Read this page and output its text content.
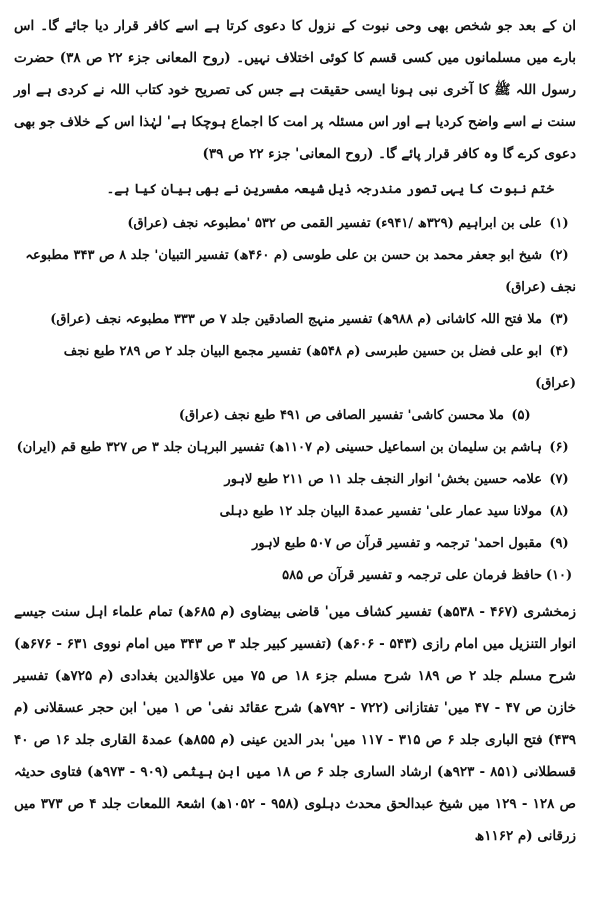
ان کے بعد جو شخص بھی وحی نبوت کے نزول کا دعوی کرتا ہے اسے کافر قرار دیا جائے گا۔ اس بارے میں مسلمانوں میں کسی قسم کا کوئی اختلاف نہیں۔ (روح المعانی جزء ۲۲ ص ۳۸) حضرت رسول اللہ ﷺ کا آخری نبی ہونا ایسی حقیقت ہے جس کی تصریح خود کتاب اللہ نے کردی ہے اور سنت نے اسے واضح کردیا ہے اور اس مسئلہ پر امت کا اجماع ہوچکا ہے' لہٰذا اس کے خلاف جو بھی دعوی کرے گا وہ کافر قرار پائے گا۔ (روح المعانی' جزء ۲۲ ص ۳۹)

ختم نبوت کا یہی تصور مندرجہ ذیل شیعہ مفسرین نے بھی بیان کیا ہے۔

(۱)
علی بن ابراہیم (۳۲۹ھ /۹۴۱ء) تفسیر القمی ص ۵۳۲ 'مطبوعہ نجف (عراق)
(۲)
شیخ ابو جعفر محمد بن حسن بن علی طوسی (م ۴۶۰ھ) تفسیر التبیان' جلد ۸ ص ۳۴۳ مطبوعہ
نجف (عراق)
(۳)
ملا فتح اللہ کاشانی (م ۹۸۸ھ) تفسیر منہج الصادقین جلد ۷ ص ۳۳۳ مطبوعہ نجف (عراق)
(۴)
ابو علی فضل بن حسین طبرسی (م ۵۴۸ھ) تفسیر مجمع البیان جلد ۲ ص ۲۸۹ طبع نجف
(عراق)
(۵)
ملا محسن کاشی' تفسیر الصافی ص ۴۹۱ طبع نجف (عراق)
(۶)
ہاشم بن سلیمان بن اسماعیل حسینی (م ۱۱۰۷ھ) تفسیر البرہان جلد ۳ ص ۳۲۷ طبع قم (ایران)
(۷)
علامہ حسین بخش' انوار النجف جلد ۱۱ ص ۲۱۱ طبع لاہور
(۸)
مولانا سید عمار علی' تفسیر عمدۃ البیان جلد ۱۲ طبع دہلی
(۹)
مقبول احمد' ترجمہ و تفسیر قرآن ص ۵۰۷ طبع لاہور
(۱۰)
حافظ فرمان علی ترجمہ و تفسیر قرآن ص ۵۸۵

زمخشری (۴۶۷ - ۵۳۸ھ) تفسیر کشاف میں' قاضی بیضاوی (م ۶۸۵ھ) تمام علماء اہل سنت جیسے انوار التنزیل میں امام رازی (۵۴۳ - ۶۰۶ھ) (تفسیر کبیر جلد ۳ ص ۳۴۳ میں امام نووی ۶۳۱ - ۶۷۶ھ) شرح مسلم جلد ۲ ص ۱۸۹ شرح مسلم جزء ۱۸ ص ۷۵ میں علاؤالدین بغدادی (م ۷۲۵ھ) تفسیر خازن ص ۴۷ - ۴۷ میں' تفتازانی (۷۲۲ - ۷۹۲ھ) شرح عقائد نفی' ص ۱ میں' ابن حجر عسقلانی (م ۴۳۹) فتح الباری جلد ۶ ص ۳۱۵ - ۱۱۷ میں' بدر الدین عینی (م ۸۵۵ھ) عمدۃ القاری جلد ۱۶ ص ۴۰ قسطلانی (۸۵۱ - ۹۲۳ھ) ارشاد الساری جلد ۶ ص ۱۸ میں ابن ہیثمی (۹۰۹ - ۹۷۳ھ) فتاوی حدیثہ ص ۱۲۸ - ۱۲۹ میں شیخ عبدالحق محدث دہلوی (۹۵۸ - ۱۰۵۲ھ) اشعۃ اللمعات جلد ۴ ص ۳۷۳ میں زرقانی (م ۱۱۶۲ھ
